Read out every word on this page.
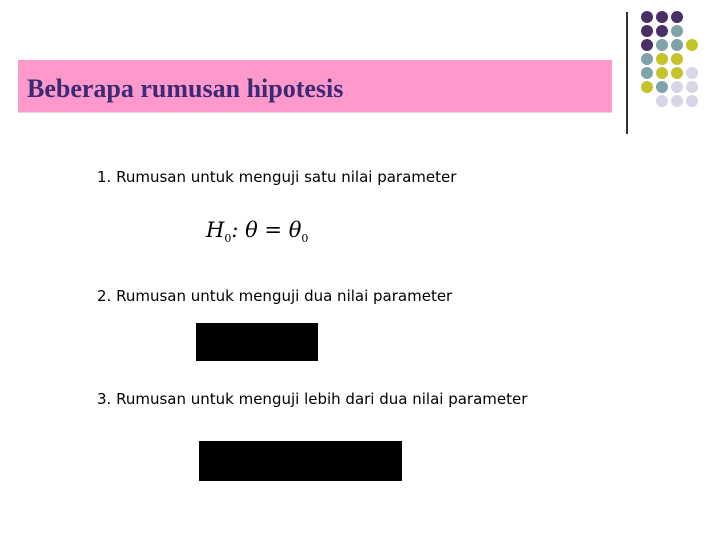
Beberapa rumusan hipotesis
1. Rumusan untuk menguji satu nilai parameter
$H_0$: $\theta = \theta_0$
2. Rumusan untuk menguji dua nilai parameter
3. Rumusan untuk menguji lebih dari dua nilai parameter
